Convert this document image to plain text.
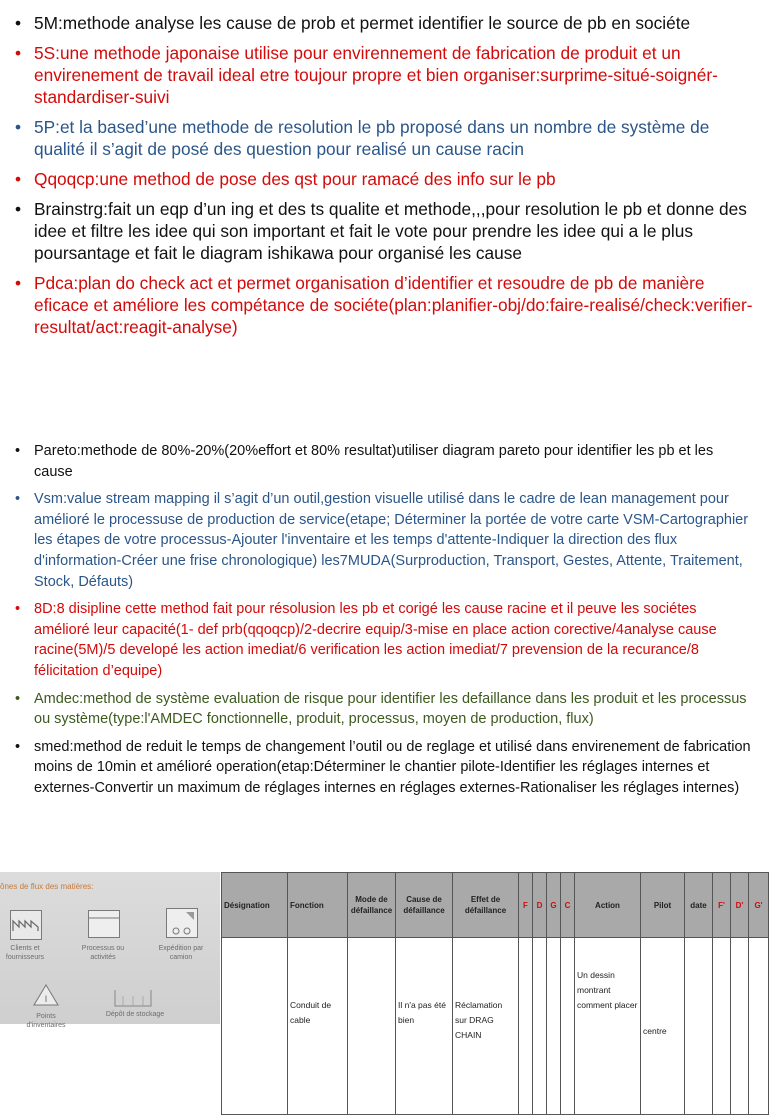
• 5M:methode analyse les cause de prob et permet identifier le source de pb en sociéte
• 5S:une methode japonaise utilise pour envirennement de fabrication de produit et un envirenement de travail ideal etre toujour propre et bien organiser:surprime-situé-soignér-standardiser-suivi
• 5P:et la based’une methode de resolution le pb proposé dans un nombre de système de qualité il s’agit de posé des question pour realisé un cause racin
• Qqoqcp:une method de pose des qst pour ramacé des info sur le pb
• Brainstrg:fait un eqp d’un ing et des ts qualite et methode,,,pour resolution le pb et donne des idee et filtre les idee qui son important et fait le vote pour prendre les idee qui a le plus poursantage et fait le diagram ishikawa pour organisé les cause
• Pdca:plan do check act et permet organisation d’identifier et resoudre de pb de manière eficace et améliore les compétance de sociéte(plan:planifier-obj/do:faire-realisé/check:verifier-resultat/act:reagit-analyse)
• Pareto:methode de 80%-20%(20%effort et 80% resultat)utiliser diagram pareto pour identifier les pb et les cause
• Vsm:value stream mapping il s’agit d’un outil,gestion visuelle utilisé dans le cadre de lean management pour amélioré le processuse de production de service(etape; Déterminer la portée de votre carte VSM-Cartographier les étapes de votre processus-Ajouter l'inventaire et les temps d'attente-Indiquer la direction des flux d'information-Créer une frise chronologique) les7MUDA(Surproduction, Transport, Gestes, Attente, Traitement, Stock, Défauts)
• 8D:8 disipline cette method fait pour résolusion les pb et corigé les cause racine et il peuve les sociétes amélioré leur capacité(1- def prb(qqoqcp)/2-decrire equip/3-mise en place action corective/4analyse cause racine(5M)/5 developé les action imediat/6 verification les action imediat/7 prevension de la recurance/8 félicitation d’equipe)
• Amdec:method de système evaluation de risque pour identifier les defaillance dans les produit et les processus ou système(type:l'AMDEC fonctionnelle, produit, processus, moyen de production, flux)
• smed:method de reduit le temps de changement l’outil ou de reglage et utilisé dans envirenement de fabrication moins de 10min et amélioré operation(etap:Déterminer le chantier pilote-Identifier les réglages internes et externes-Convertir un maximum de réglages internes en réglages externes-Rationaliser les réglages internes)
ônes de flux des matières:
Clients et fournisseurs
Processus ou activités
Expédition par camion
I
Points d'inventaires
Dépôt de stockage
Désignation	Fonction	Mode de défaillance	Cause de défaillance	Effet de défaillance	F	D	G	C	Action	Pilot	date	F'	D'	G'
	Conduit de cable		Il n'a pas été bien	Réclamation sur DRAG CHAIN					Un dessin montrant comment placer	centre				
